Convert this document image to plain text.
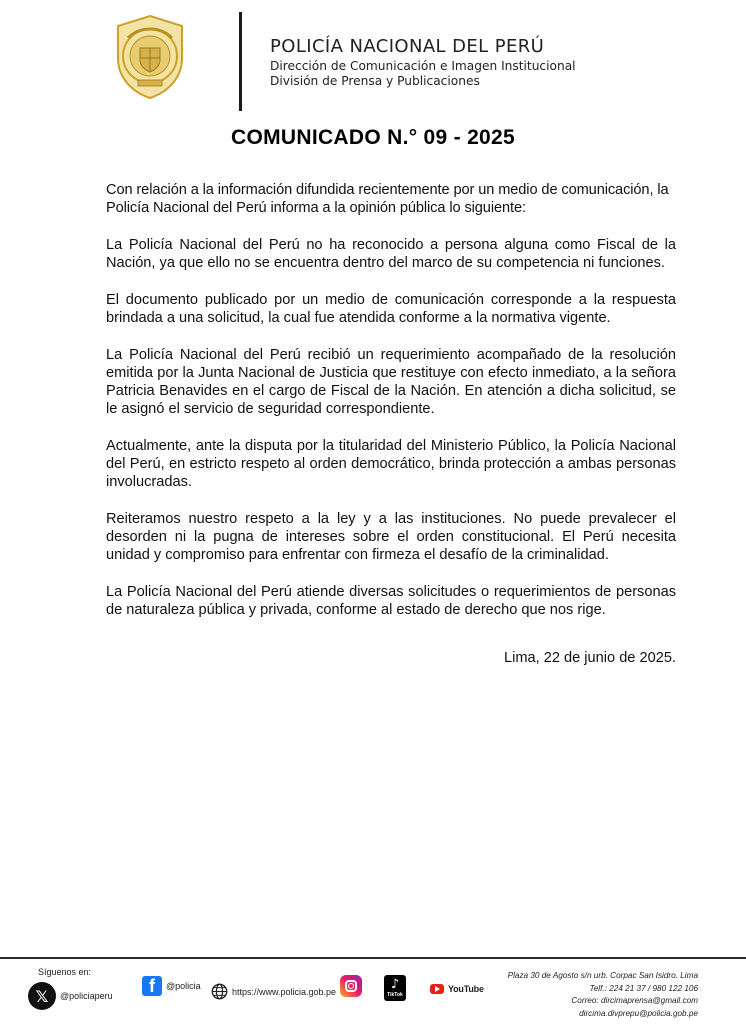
POLICÍA NACIONAL DEL PERÚ
Dirección de Comunicación e Imagen Institucional
División de Prensa y Publicaciones
COMUNICADO N.° 09 - 2025

Con relación a la información difundida recientemente por un medio de comunicación, la Policía Nacional del Perú informa a la opinión pública lo siguiente:

La Policía Nacional del Perú no ha reconocido a persona alguna como Fiscal de la Nación, ya que ello no se encuentra dentro del marco de su competencia ni funciones.

El documento publicado por un medio de comunicación corresponde a la respuesta brindada a una solicitud, la cual fue atendida conforme a la normativa vigente.

La Policía Nacional del Perú recibió un requerimiento acompañado de la resolución emitida por la Junta Nacional de Justicia que restituye con efecto inmediato, a la señora Patricia Benavides en el cargo de Fiscal de la Nación. En atención a dicha solicitud, se le asignó el servicio de seguridad correspondiente.

Actualmente, ante la disputa por la titularidad del Ministerio Público, la Policía Nacional del Perú, en estricto respeto al orden democrático, brinda protección a ambas personas involucradas.

Reiteramos nuestro respeto a la ley y a las instituciones. No puede prevalecer el desorden ni la pugna de intereses sobre el orden constitucional. El Perú necesita unidad y compromiso para enfrentar con firmeza el desafío de la criminalidad.

La Policía Nacional del Perú atiende diversas solicitudes o requerimientos de personas de naturaleza pública y privada, conforme al estado de derecho que nos rige.

Lima, 22 de junio de 2025.
Síguenos en:
𝕏	@policiaperu	f	@policia
https://www.policia.gob.pe	♪
TikTok
YouTube
Plaza 30 de Agosto s/n urb. Corpac San Isidro. Lima
Telf.: 224 21 37 / 980 122 106
Correo: dircimaprensa@gmail.com
dircima.divprepu@policia.gob.pe
